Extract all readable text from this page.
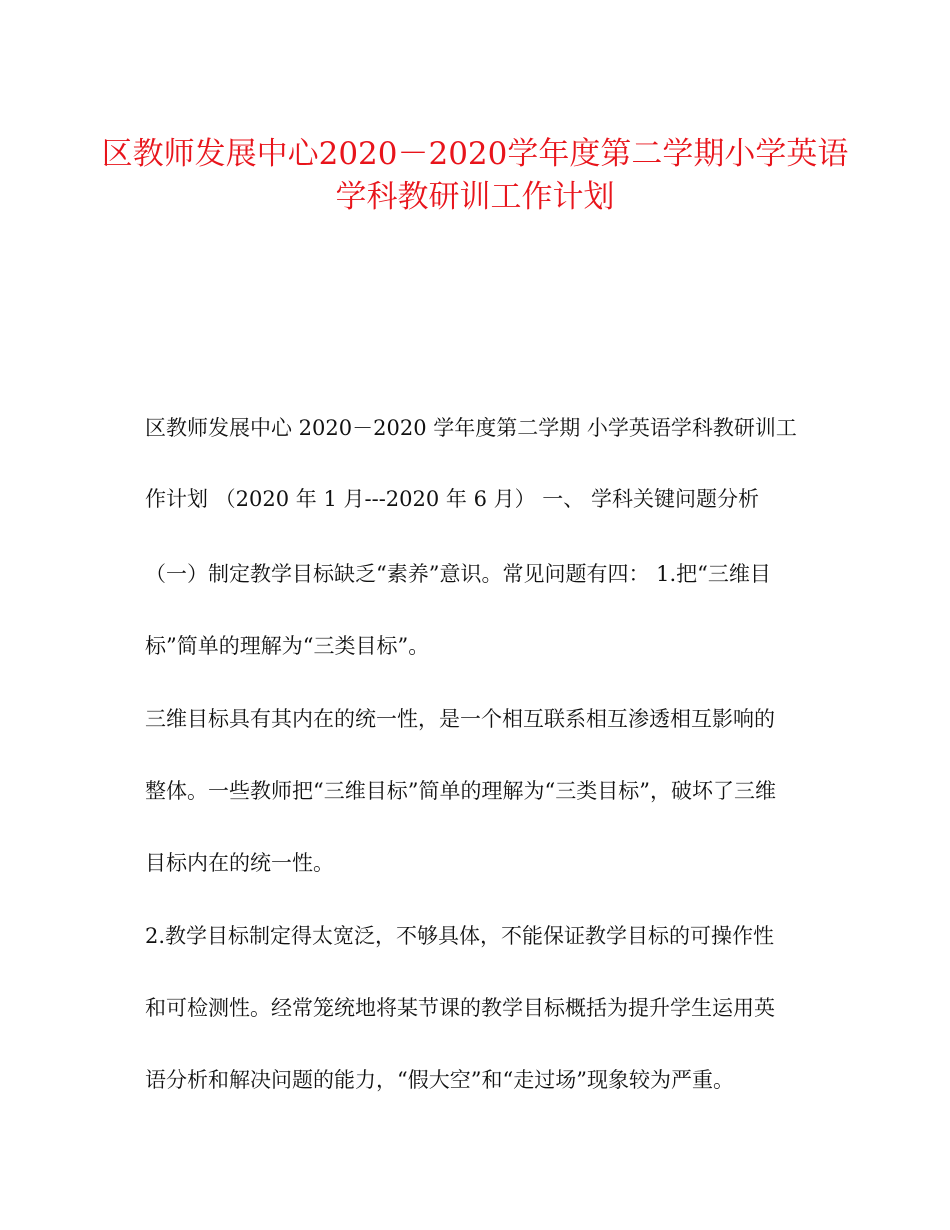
区教师发展中心2020－2020学年度第二学期小学英语
学科教研训工作计划
区教师发展中心 2020－2020 学年度第二学期 小学英语学科教研训工
作计划 （2020 年 1 月---2020 年 6 月） 一、 学科关键问题分析
（一）制定教学目标缺乏“素养”意识。常见问题有四： 1.把“三维目
标”简单的理解为“三类目标”。
三维目标具有其内在的统一性，是一个相互联系相互渗透相互影响的
整体。一些教师把“三维目标”简单的理解为“三类目标”，破坏了三维
目标内在的统一性。
2.教学目标制定得太宽泛，不够具体，不能保证教学目标的可操作性
和可检测性。经常笼统地将某节课的教学目标概括为提升学生运用英
语分析和解决问题的能力，“假大空”和“走过场”现象较为严重。
